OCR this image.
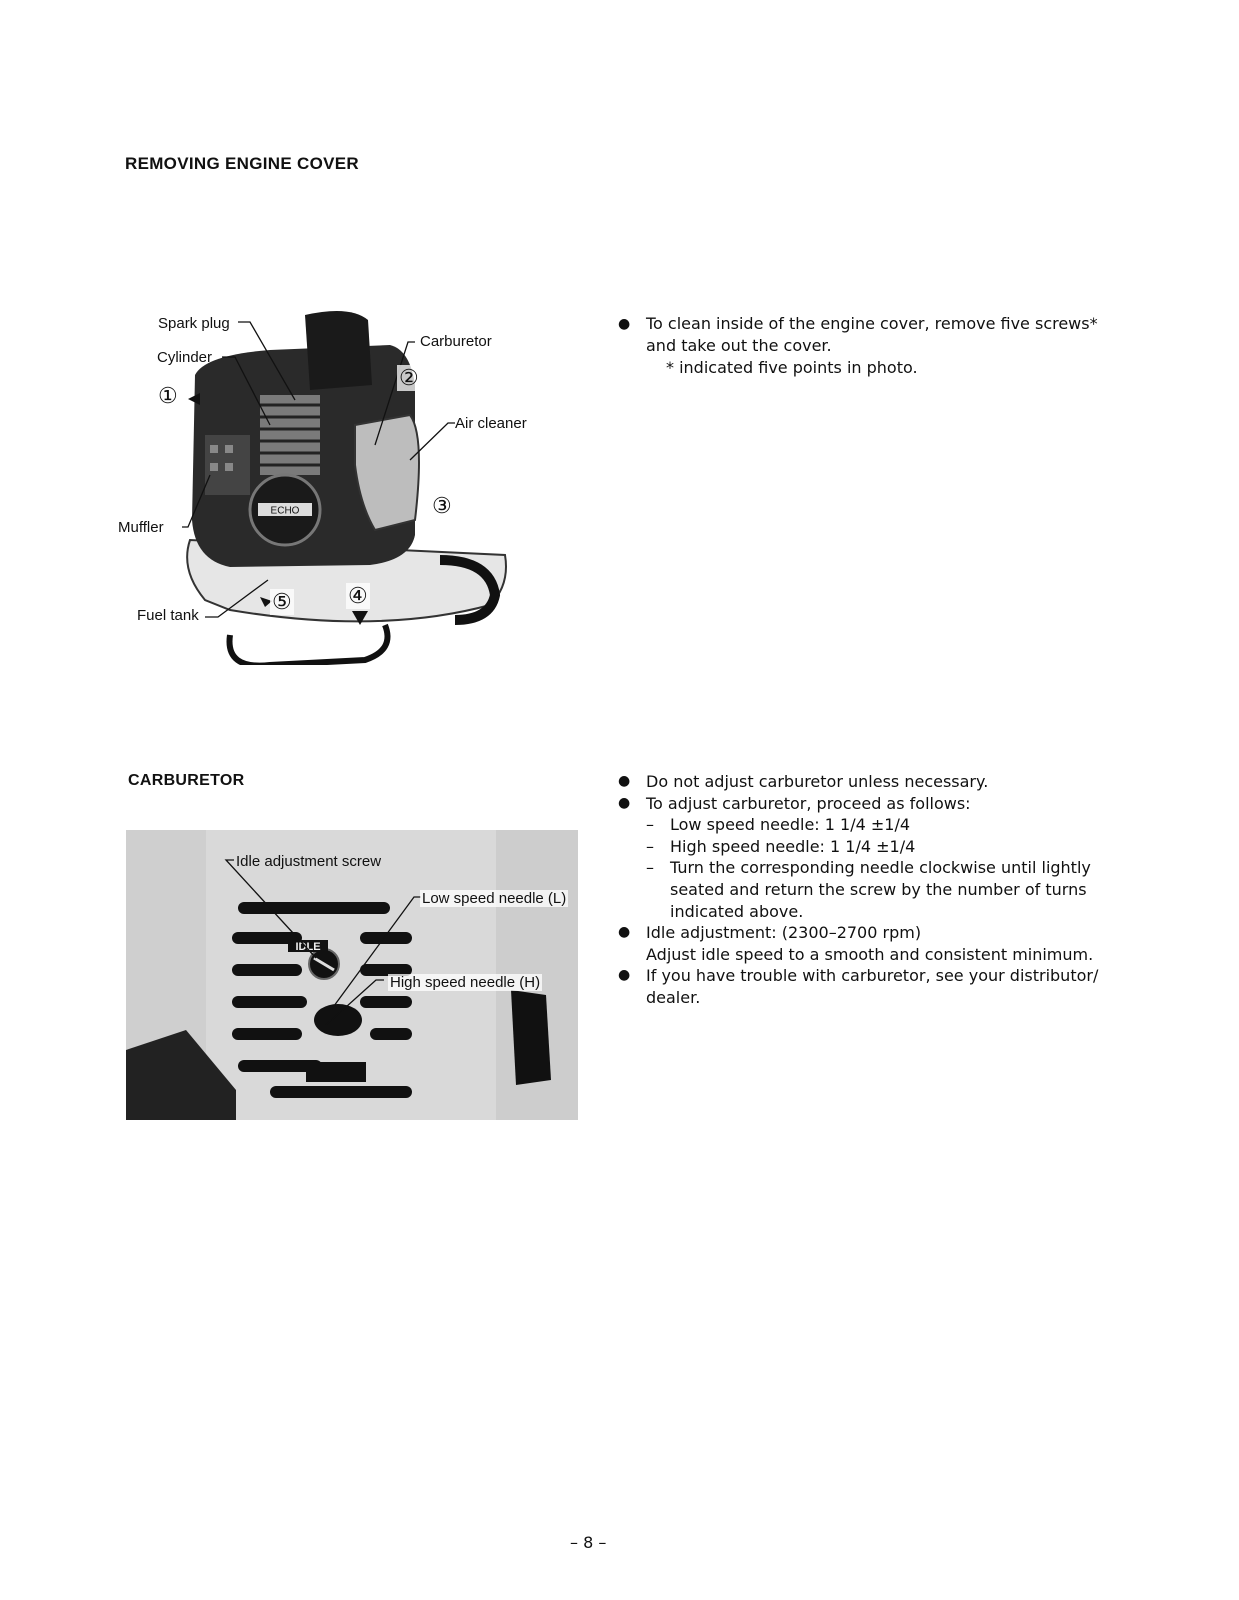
REMOVING ENGINE COVER
ECHO
Spark plug
Cylinder
Carburetor
Air cleaner
Muffler
Fuel tank
①
②
③
④
⑤
● To clean inside of the engine cover, remove five screws*
and take out the cover.
* indicated five points in photo.
CARBURETOR
IDLE
Idle adjustment screw
Low speed needle (L)
High speed needle (H)
● Do not adjust carburetor unless necessary.
● To adjust carburetor, proceed as follows:
–	Low speed needle: 1 1/4 ±1/4
–	High speed needle: 1 1/4 ±1/4
–	Turn the corresponding needle clockwise until lightly
seated and return the screw by the number of turns
indicated above.
● Idle adjustment: (2300–2700 rpm)
Adjust idle speed to a smooth and consistent minimum.
● If you have trouble with carburetor, see your distributor/
dealer.
– 8 –
